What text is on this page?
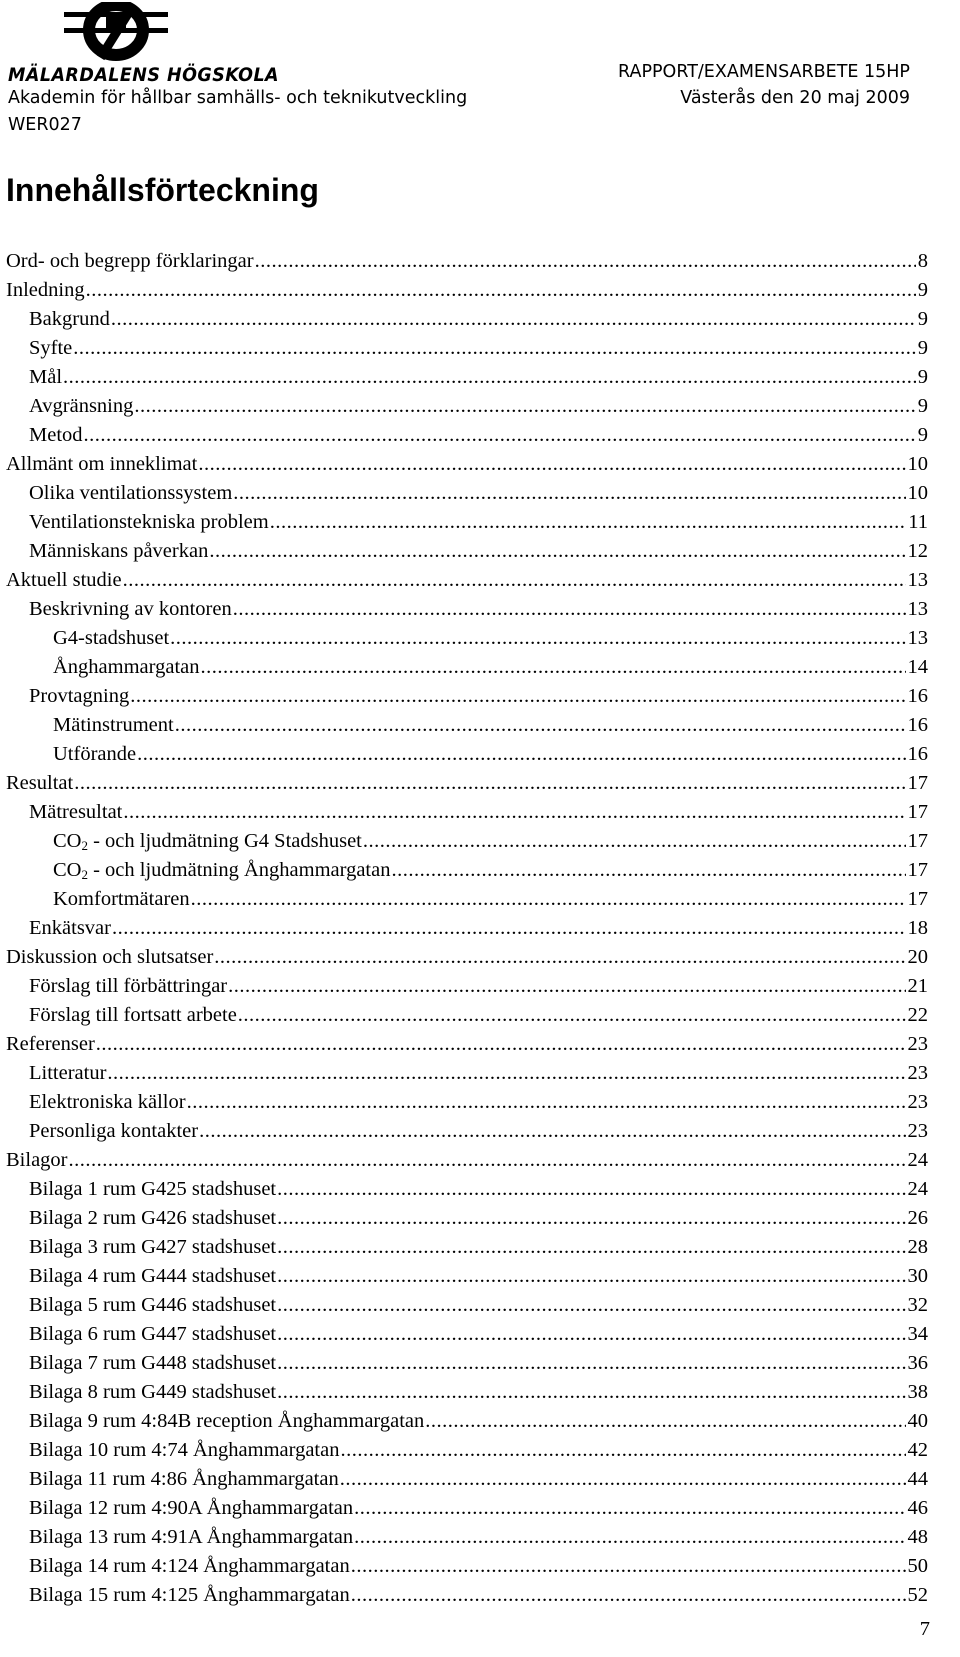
MÄLARDALENS HÖGSKOLA
Akademin för hållbar samhälls- och teknikutveckling
WER027
RAPPORT/EXAMENSARBETE 15HP
Västerås den 20 maj 2009
Innehållsförteckning
Ord- och begrepp förklaringar .....	8
Inledning .....	9
Bakgrund .....	9
Syfte .....	9
Mål .....	9
Avgränsning .....	9
Metod .....	9
Allmänt om inneklimat .....	10
Olika ventilationssystem .....	10
Ventilationstekniska problem .....	11
Människans påverkan .....	12
Aktuell studie .....	13
Beskrivning av kontoren .....	13
G4-stadshuset .....	13
Ånghammargatan .....	14
Provtagning .....	16
Mätinstrument .....	16
Utförande .....	16
Resultat .....	17
Mätresultat .....	17
$CO_2$ - och ljudmätning G4 Stadshuset .....	17
$CO_2$ - och ljudmätning Ånghammargatan .....	17
Komfortmätaren .....	17
Enkätsvar .....	18
Diskussion och slutsatser .....	20
Förslag till förbättringar .....	21
Förslag till fortsatt arbete .....	22
Referenser .....	23
Litteratur .....	23
Elektroniska källor .....	23
Personliga kontakter .....	23
Bilagor .....	24
Bilaga 1 rum G425 stadshuset .....	24
Bilaga 2 rum G426 stadshuset .....	26
Bilaga 3 rum G427 stadshuset .....	28
Bilaga 4 rum G444 stadshuset .....	30
Bilaga 5 rum G446 stadshuset .....	32
Bilaga 6 rum G447 stadshuset .....	34
Bilaga 7 rum G448 stadshuset .....	36
Bilaga 8 rum G449 stadshuset .....	38
Bilaga 9 rum 4:84B reception Ånghammargatan .....	40
Bilaga 10 rum 4:74 Ånghammargatan .....	42
Bilaga 11 rum 4:86 Ånghammargatan .....	44
Bilaga 12 rum 4:90A Ånghammargatan .....	46
Bilaga 13 rum 4:91A Ånghammargatan .....	48
Bilaga 14 rum 4:124 Ånghammargatan .....	50
Bilaga 15 rum 4:125 Ånghammargatan .....	52
7
